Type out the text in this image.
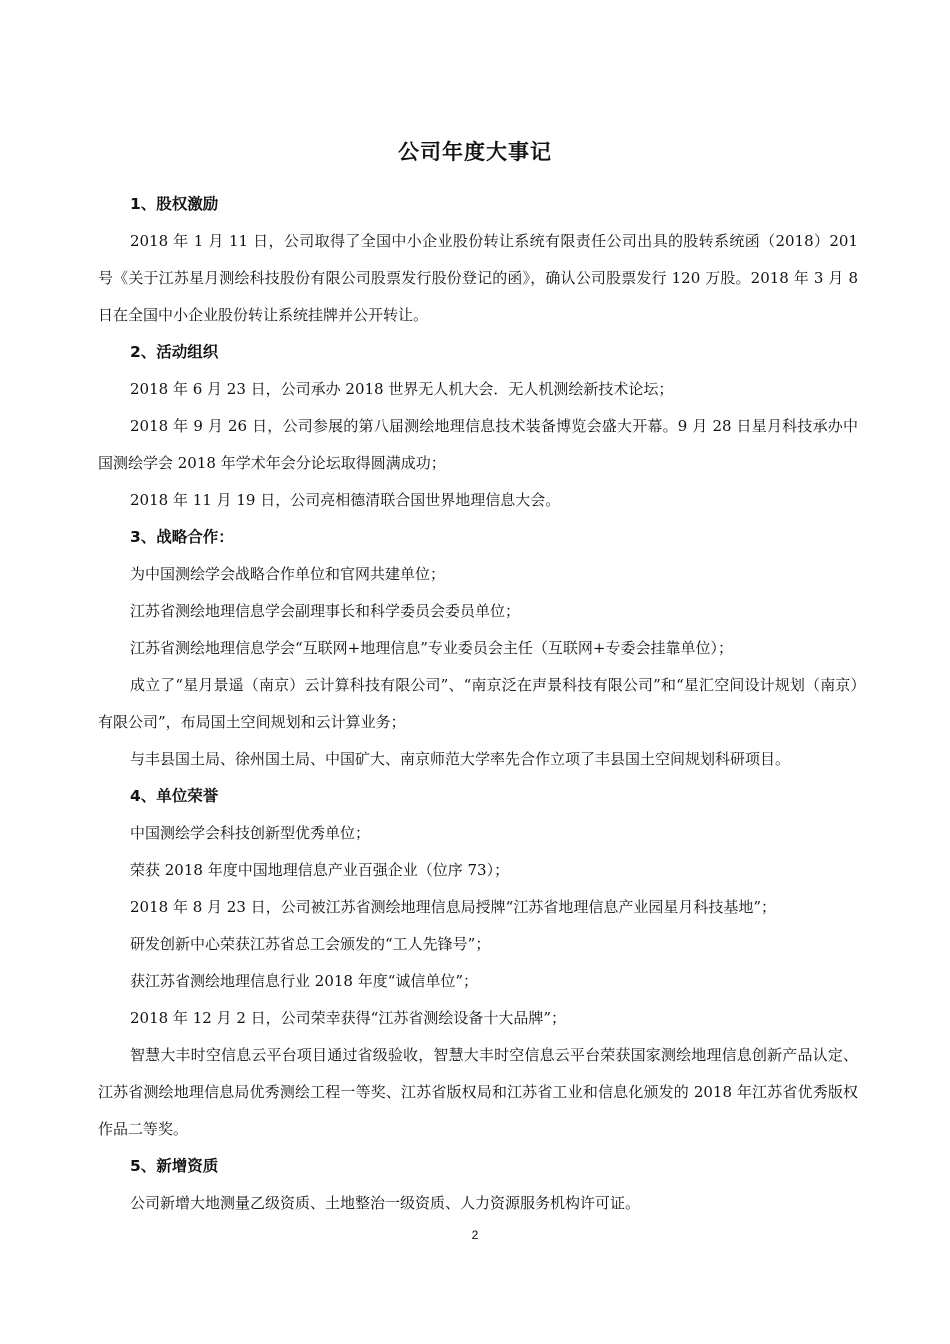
公司年度大事记
1、股权激励

2018 年 1 月 11 日，公司取得了全国中小企业股份转让系统有限责任公司出具的股转系统函（2018）201 号《关于江苏星月测绘科技股份有限公司股票发行股份登记的函》，确认公司股票发行 120 万股。2018 年 3 月 8 日在全国中小企业股份转让系统挂牌并公开转让。

2、活动组织

2018 年 6 月 23 日，公司承办 2018 世界无人机大会．无人机测绘新技术论坛；

2018 年 9 月 26 日，公司参展的第八届测绘地理信息技术装备博览会盛大开幕。9 月 28 日星月科技承办中国测绘学会 2018 年学术年会分论坛取得圆满成功；

2018 年 11 月 19 日，公司亮相德清联合国世界地理信息大会。

3、战略合作：

为中国测绘学会战略合作单位和官网共建单位；

江苏省测绘地理信息学会副理事长和科学委员会委员单位；

江苏省测绘地理信息学会“互联网+地理信息”专业委员会主任（互联网+专委会挂靠单位）；

成立了“星月景遥（南京）云计算科技有限公司”、“南京泛在声景科技有限公司”和“星汇空间设计规划（南京）有限公司”，布局国土空间规划和云计算业务；

与丰县国土局、徐州国土局、中国矿大、南京师范大学率先合作立项了丰县国土空间规划科研项目。

4、单位荣誉

中国测绘学会科技创新型优秀单位；

荣获 2018 年度中国地理信息产业百强企业（位序 73）；

2018 年 8 月 23 日，公司被江苏省测绘地理信息局授牌“江苏省地理信息产业园星月科技基地”；

研发创新中心荣获江苏省总工会颁发的“工人先锋号”；

获江苏省测绘地理信息行业 2018 年度“诚信单位”；

2018 年 12 月 2 日，公司荣幸获得“江苏省测绘设备十大品牌”；

智慧大丰时空信息云平台项目通过省级验收，智慧大丰时空信息云平台荣获国家测绘地理信息创新产品认定、江苏省测绘地理信息局优秀测绘工程一等奖、江苏省版权局和江苏省工业和信息化颁发的 2018 年江苏省优秀版权作品二等奖。

5、新增资质

公司新增大地测量乙级资质、土地整治一级资质、人力资源服务机构许可证。

2
